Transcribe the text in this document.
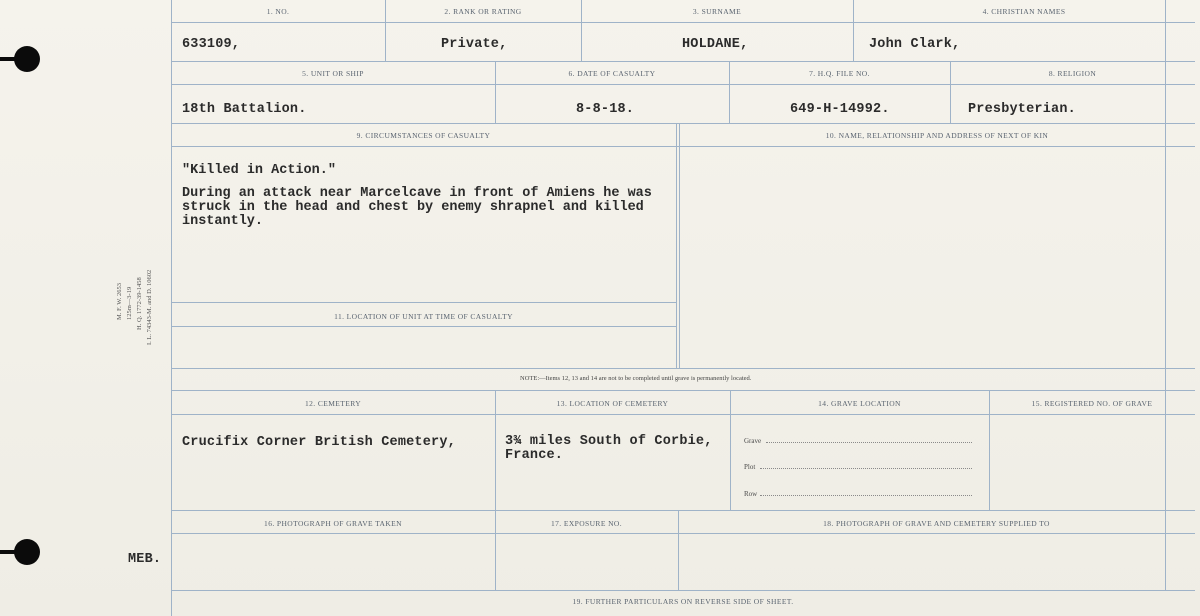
M. F. W. 2653 125m—3-19 H. Q. 1772-39-1458 I. L. 74343-M. and D. 10602
1. NO.	2. RANK OR RATING	3. SURNAME	4. CHRISTIAN NAMES
633109,	Private,	HOLDANE,	John Clark,
5. UNIT OR SHIP	6. DATE OF CASUALTY	7. H.Q. FILE NO.	8. RELIGION
18th Battalion.	8-8-18.	649-H-14992.	Presbyterian.
9. CIRCUMSTANCES OF CASUALTY	10. NAME, RELATIONSHIP AND ADDRESS OF NEXT OF KIN
"Killed in Action."
During an attack near Marcelcave in front of Amiens he was
struck in the head and chest by enemy shrapnel and killed
instantly.
11. LOCATION OF UNIT AT TIME OF CASUALTY
NOTE:—Items 12, 13 and 14 are not to be completed until grave is permanently located.
12. CEMETERY	13. LOCATION OF CEMETERY	14. GRAVE LOCATION	15. REGISTERED NO. OF GRAVE
Crucifix Corner British Cemetery,	3¾ miles South of Corbie,
France.
Grave
Plot
Row
16. PHOTOGRAPH OF GRAVE TAKEN	17. EXPOSURE NO.	18. PHOTOGRAPH OF GRAVE AND CEMETERY SUPPLIED TO
MEB.
19. FURTHER PARTICULARS ON REVERSE SIDE OF SHEET.
